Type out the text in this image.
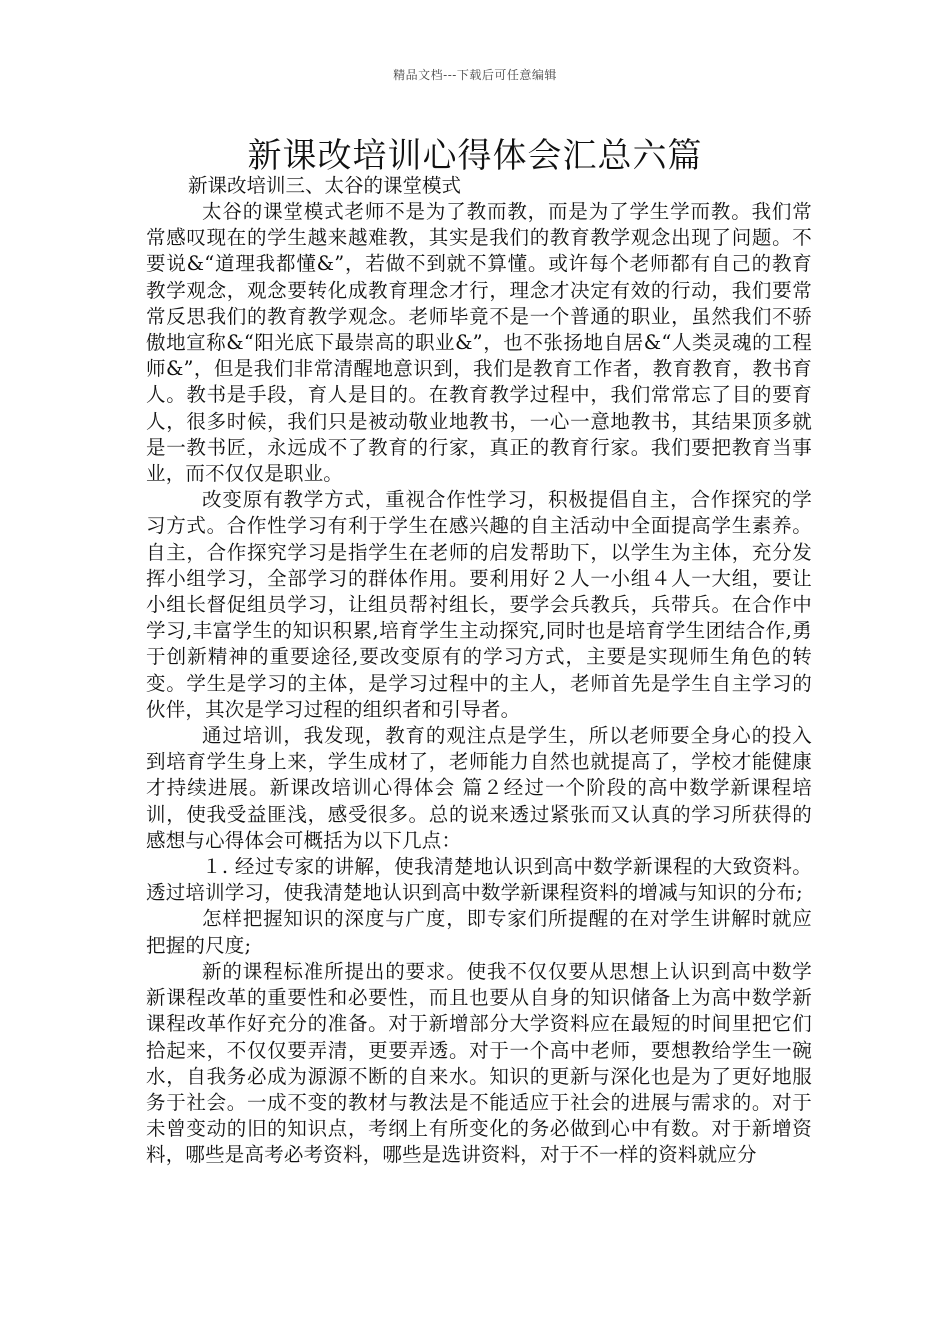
精品文档---下载后可任意编辑
新课改培训心得体会汇总六篇

新课改培训三、太谷的课堂模式

太谷的课堂模式老师不是为了教而教，而是为了学生学而教。我们常常感叹现在的学生越来越难教，其实是我们的教育教学观念出现了问题。不要说&“道理我都懂&”，若做不到就不算懂。或许每个老师都有自己的教育教学观念，观念要转化成教育理念才行，理念才决定有效的行动，我们要常常反思我们的教育教学观念。老师毕竟不是一个普通的职业，虽然我们不骄傲地宣称&“阳光底下最崇高的职业&”，也不张扬地自居&“人类灵魂的工程师&”，但是我们非常清醒地意识到，我们是教育工作者，教育教育，教书育人。教书是手段，育人是目的。在教育教学过程中，我们常常忘了目的要育人，很多时候，我们只是被动敬业地教书，一心一意地教书，其结果顶多就是一教书匠，永远成不了教育的行家，真正的教育行家。我们要把教育当事业，而不仅仅是职业。

改变原有教学方式，重视合作性学习，积极提倡自主，合作探究的学习方式。合作性学习有利于学生在感兴趣的自主活动中全面提高学生素养。自主，合作探究学习是指学生在老师的启发帮助下，以学生为主体，充分发挥小组学习，全部学习的群体作用。要利用好２人一小组４人一大组，要让小组长督促组员学习，让组员帮衬组长，要学会兵教兵，兵带兵。在合作中学习,丰富学生的知识积累,培育学生主动探究,同时也是培育学生团结合作,勇于创新精神的重要途径,要改变原有的学习方式，主要是实现师生角色的转变。学生是学习的主体，是学习过程中的主人，老师首先是学生自主学习的伙伴，其次是学习过程的组织者和引导者。

通过培训，我发现，教育的观注点是学生，所以老师要全身心的投入到培育学生身上来，学生成材了，老师能力自然也就提高了，学校才能健康才持续进展。新课改培训心得体会 篇２经过一个阶段的高中数学新课程培训，使我受益匪浅，感受很多。总的说来透过紧张而又认真的学习所获得的感想与心得体会可概括为以下几点：

１. 经过专家的讲解，使我清楚地认识到高中数学新课程的大致资料。透过培训学习，使我清楚地认识到高中数学新课程资料的增减与知识的分布;

怎样把握知识的深度与广度，即专家们所提醒的在对学生讲解时就应把握的尺度;

新的课程标准所提出的要求。使我不仅仅要从思想上认识到高中数学新课程改革的重要性和必要性，而且也要从自身的知识储备上为高中数学新课程改革作好充分的准备。对于新增部分大学资料应在最短的时间里把它们拾起来，不仅仅要弄清，更要弄透。对于一个高中老师，要想教给学生一碗水，自我务必成为源源不断的自来水。知识的更新与深化也是为了更好地服务于社会。一成不变的教材与教法是不能适应于社会的进展与需求的。对于未曾变动的旧的知识点，考纲上有所变化的务必做到心中有数。对于新增资料，哪些是高考必考资料，哪些是选讲资料，对于不一样的资料就应分
